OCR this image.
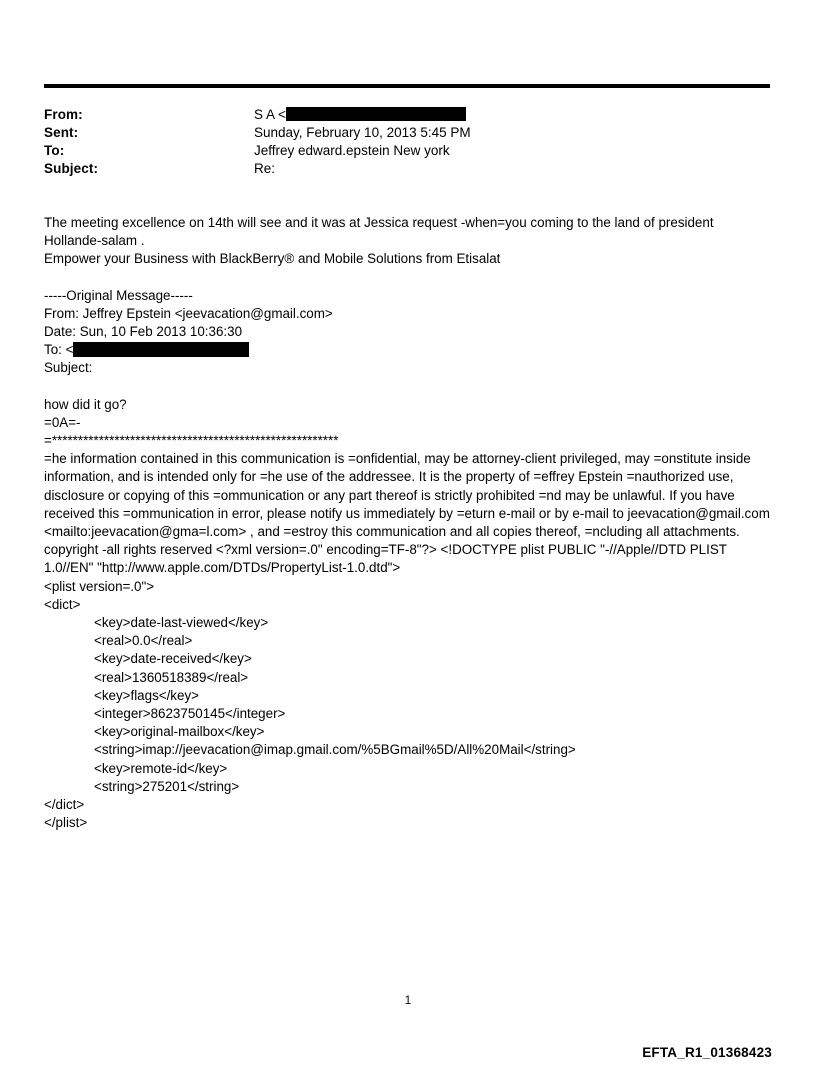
From:	S A <
Sent:	Sunday, February 10, 2013 5:45 PM
To:	Jeffrey edward.epstein New york
Subject:	Re:

The meeting excellence on 14th will see and it was at Jessica request -when=you coming to the land of president Hollande-salam .

Empower your Business with BlackBerry® and Mobile Solutions from Etisalat

-----Original Message-----

From: Jeffrey Epstein <jeevacation@gmail.com>

Date: Sun, 10 Feb 2013 10:36:30

To: <

Subject:

how did it go?

=0A=-

=*******************************************************

=he information contained in this communication is =onfidential, may be attorney-client privileged, may =onstitute inside information, and is intended only for =he use of the addressee. It is the property of =effrey Epstein =nauthorized use, disclosure or copying of this =ommunication or any part thereof is strictly prohibited =nd may be unlawful. If you have received this =ommunication in error, please notify us immediately by =eturn e-mail or by e-mail to jeevacation@gmail.com <mailto:jeevacation@gma=l.com> , and =estroy this communication and all copies thereof, =ncluding all attachments. copyright -all rights reserved <?xml version=.0" encoding=TF-8"?> <!DOCTYPE plist PUBLIC "-//Apple//DTD PLIST 1.0//EN" "http://www.apple.com/DTDs/PropertyList-1.0.dtd">

<plist version=.0">

<dict>

<key>date-last-viewed</key>

<real>0.0</real>

<key>date-received</key>

<real>1360518389</real>

<key>flags</key>

<integer>8623750145</integer>

<key>original-mailbox</key>

<string>imap://jeevacation@imap.gmail.com/%5BGmail%5D/All%20Mail</string>

<key>remote-id</key>

<string>275201</string>

</dict>

</plist>

1
EFTA_R1_01368423
